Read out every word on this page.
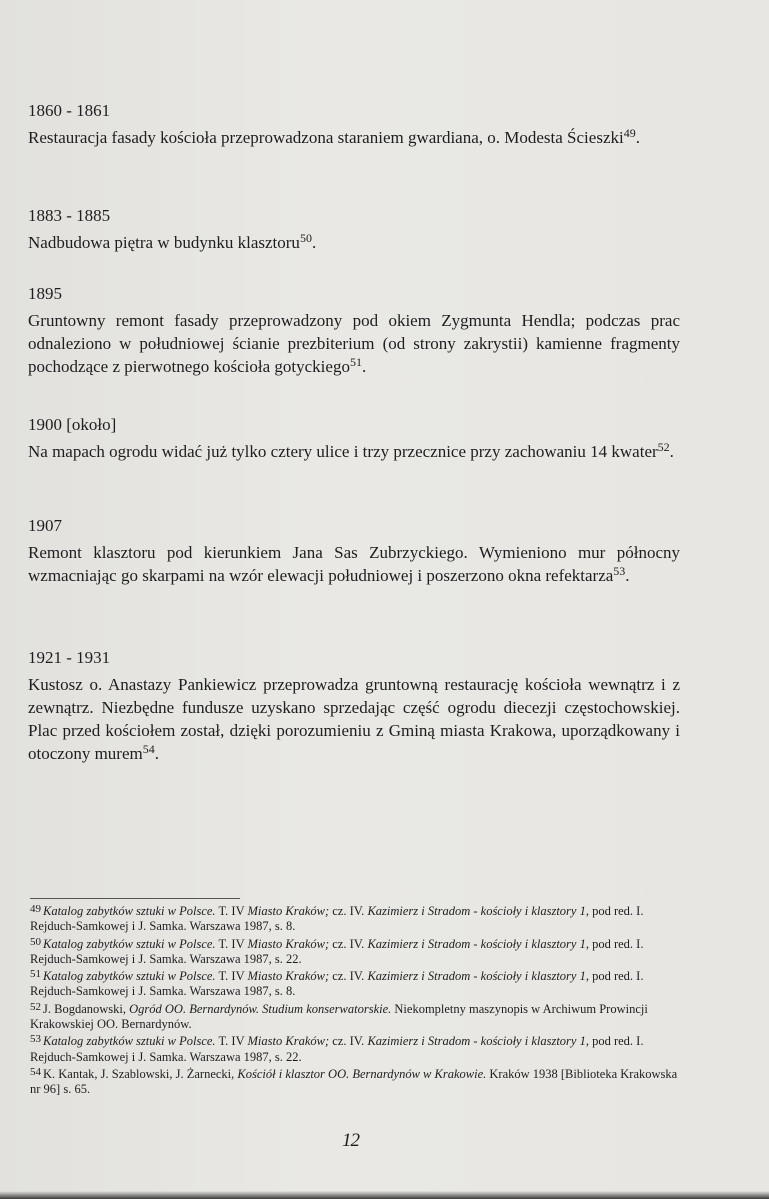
1860 - 1861

Restauracja fasady kościoła przeprowadzona staraniem gwardiana, o. Modesta Ścieszki$^{49}$.

1883 - 1885

Nadbudowa piętra w budynku klasztoru$^{50}$.

1895

Gruntowny remont fasady przeprowadzony pod okiem Zygmunta Hendla; podczas prac odnaleziono w południowej ścianie prezbiterium (od strony zakrystii) kamienne fragmenty pochodzące z pierwotnego kościoła gotyckiego$^{51}$.

1900 [około]

Na mapach ogrodu widać już tylko cztery ulice i trzy przecznice przy zachowaniu 14 kwater$^{52}$.

1907

Remont klasztoru pod kierunkiem Jana Sas Zubrzyckiego. Wymieniono mur północny wzmacniając go skarpami na wzór elewacji południowej i poszerzono okna refektarza$^{53}$.

1921 - 1931

Kustosz o. Anastazy Pankiewicz przeprowadza gruntowną restaurację kościoła wewnątrz i z zewnątrz. Niezbędne fundusze uzyskano sprzedając część ogrodu diecezji częstochowskiej. Plac przed kościołem został, dzięki porozumieniu z Gminą miasta Krakowa, uporządkowany i otoczony murem$^{54}$.

49 Katalog zabytków sztuki w Polsce. T. IV Miasto Kraków; cz. IV. Kazimierz i Stradom - kościoły i klasztory 1, pod red. I. Rejduch-Samkowej i J. Samka. Warszawa 1987, s. 8.

50 Katalog zabytków sztuki w Polsce. T. IV Miasto Kraków; cz. IV. Kazimierz i Stradom - kościoły i klasztory 1, pod red. I. Rejduch-Samkowej i J. Samka. Warszawa 1987, s. 22.

51 Katalog zabytków sztuki w Polsce. T. IV Miasto Kraków; cz. IV. Kazimierz i Stradom - kościoły i klasztory 1, pod red. I. Rejduch-Samkowej i J. Samka. Warszawa 1987, s. 8.

52 J. Bogdanowski, Ogród OO. Bernardynów. Studium konserwatorskie. Niekompletny maszynopis w Archiwum Prowincji Krakowskiej OO. Bernardynów.

53 Katalog zabytków sztuki w Polsce. T. IV Miasto Kraków; cz. IV. Kazimierz i Stradom - kościoły i klasztory 1, pod red. I. Rejduch-Samkowej i J. Samka. Warszawa 1987, s. 22.

54 K. Kantak, J. Szablowski, J. Żarnecki, Kościół i klasztor OO. Bernardynów w Krakowie. Kraków 1938 [Biblioteka Krakowska nr 96] s. 65.

12
